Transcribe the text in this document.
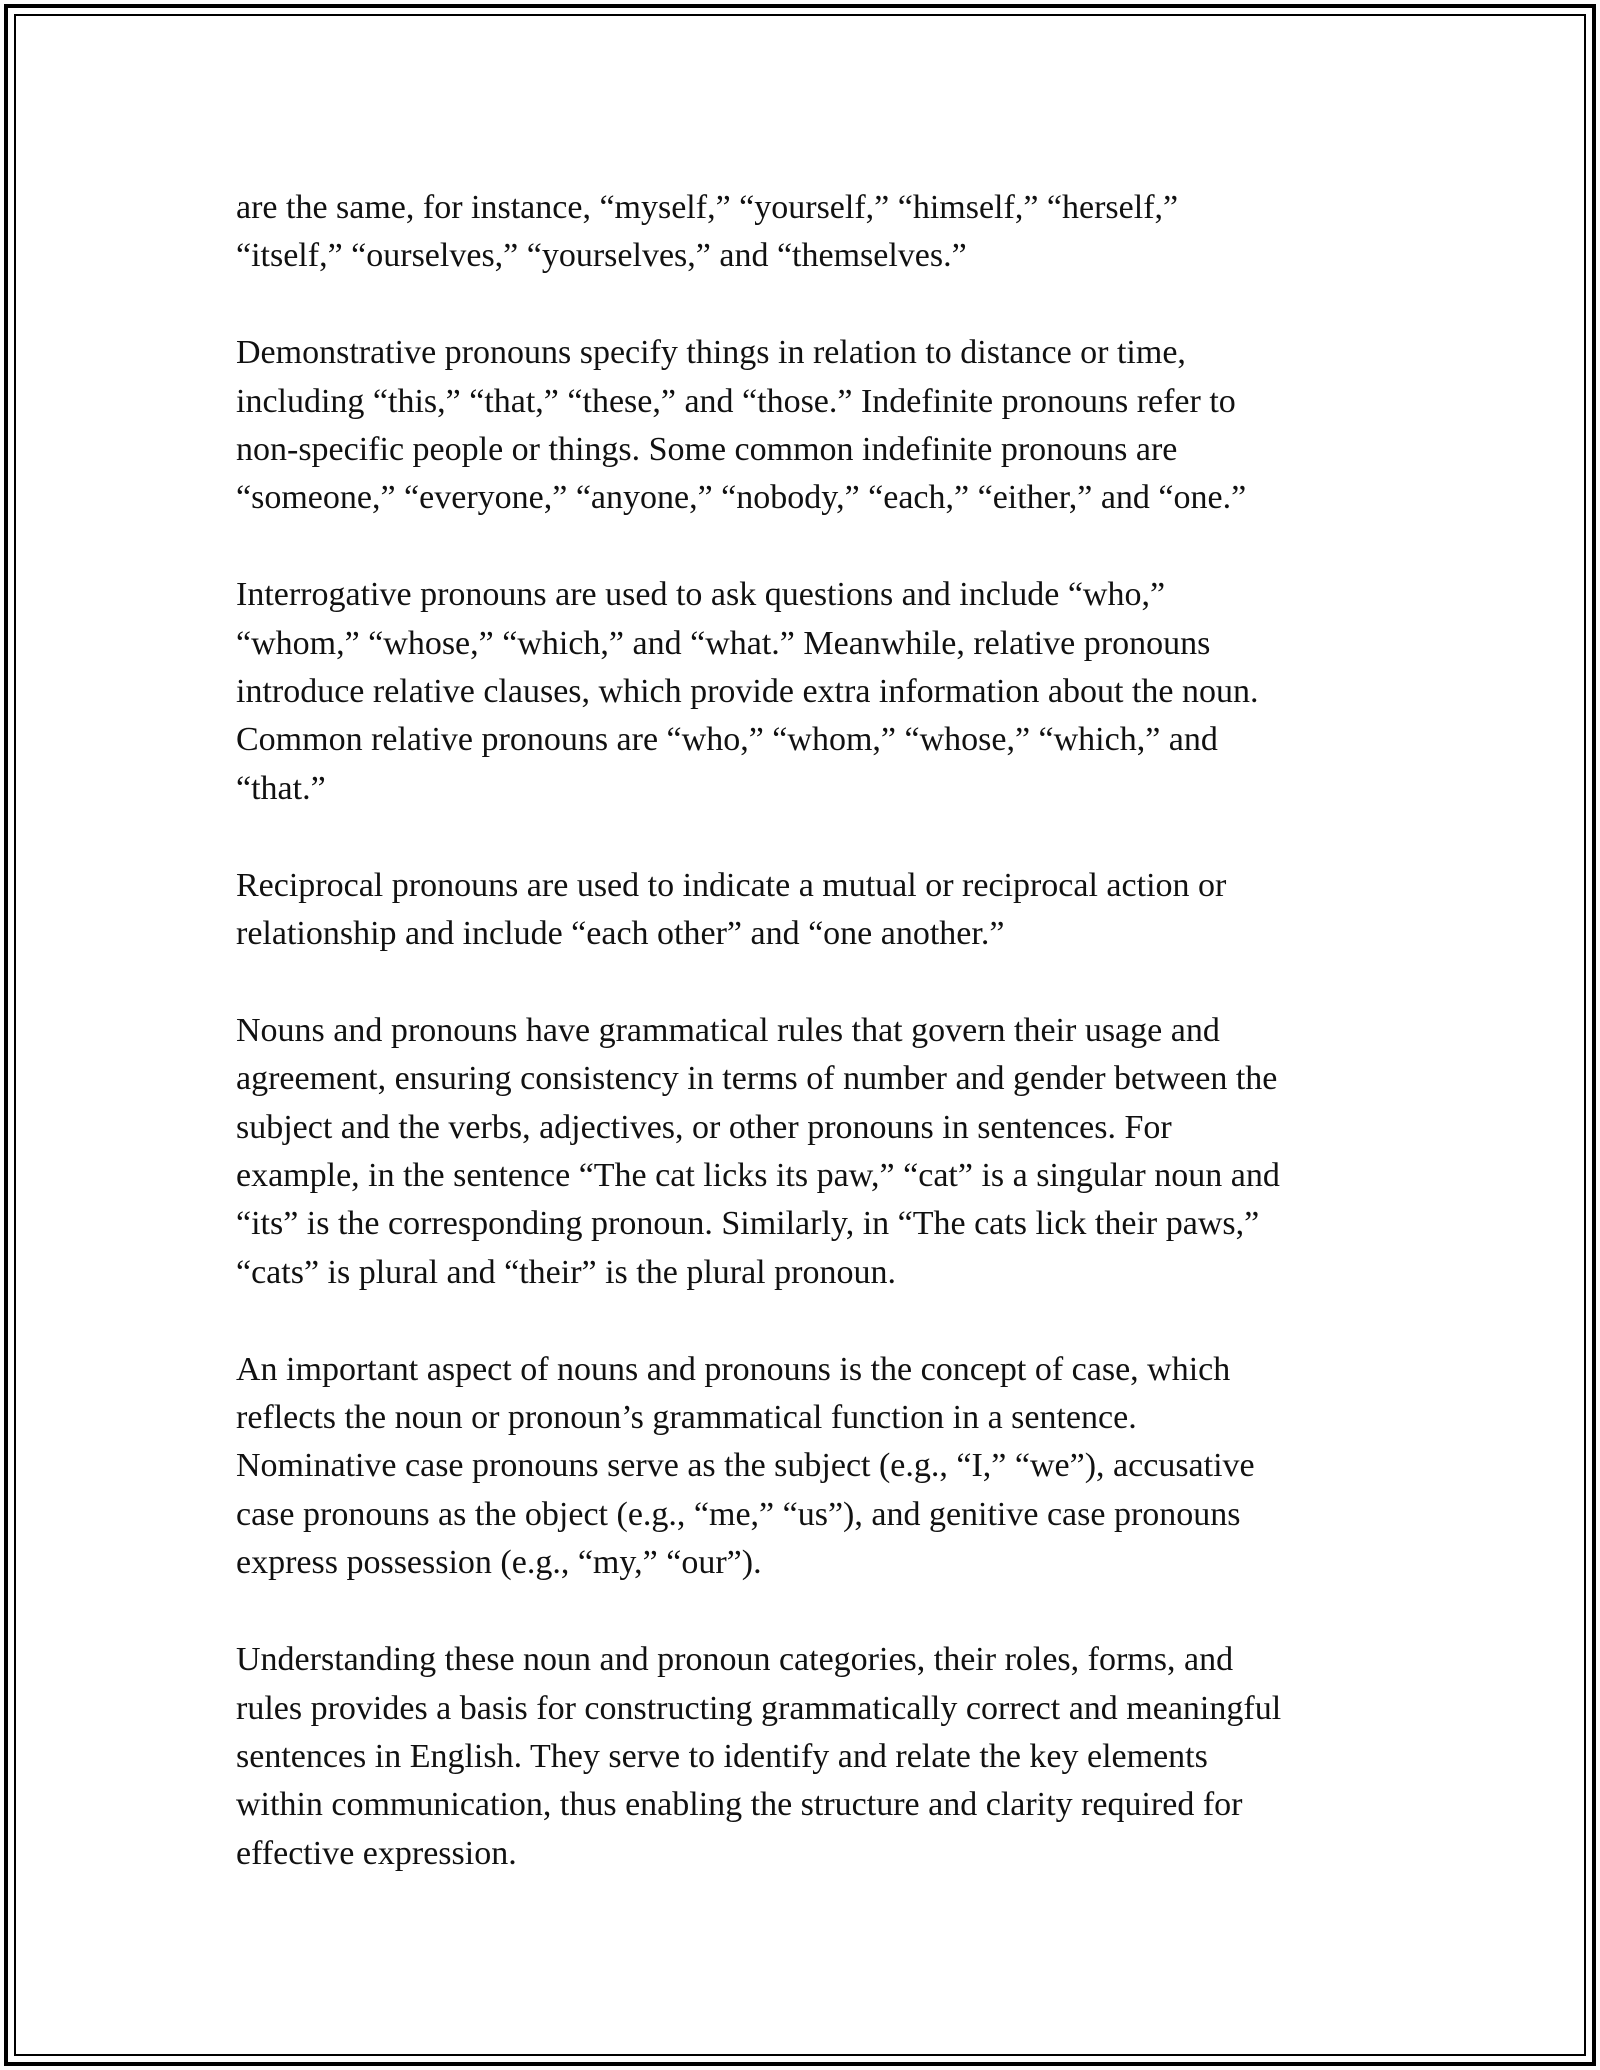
are the same, for instance, “myself,” “yourself,” “himself,” “herself,”
“itself,” “ourselves,” “yourselves,” and “themselves.”

Demonstrative pronouns specify things in relation to distance or time,
including “this,” “that,” “these,” and “those.” Indefinite pronouns refer to
non-specific people or things. Some common indefinite pronouns are
“someone,” “everyone,” “anyone,” “nobody,” “each,” “either,” and “one.”

Interrogative pronouns are used to ask questions and include “who,”
“whom,” “whose,” “which,” and “what.” Meanwhile, relative pronouns
introduce relative clauses, which provide extra information about the noun.
Common relative pronouns are “who,” “whom,” “whose,” “which,” and
“that.”

Reciprocal pronouns are used to indicate a mutual or reciprocal action or
relationship and include “each other” and “one another.”

Nouns and pronouns have grammatical rules that govern their usage and
agreement, ensuring consistency in terms of number and gender between the
subject and the verbs, adjectives, or other pronouns in sentences. For
example, in the sentence “The cat licks its paw,” “cat” is a singular noun and
“its” is the corresponding pronoun. Similarly, in “The cats lick their paws,”
“cats” is plural and “their” is the plural pronoun.

An important aspect of nouns and pronouns is the concept of case, which
reflects the noun or pronoun’s grammatical function in a sentence.
Nominative case pronouns serve as the subject (e.g., “I,” “we”), accusative
case pronouns as the object (e.g., “me,” “us”), and genitive case pronouns
express possession (e.g., “my,” “our”).

Understanding these noun and pronoun categories, their roles, forms, and
rules provides a basis for constructing grammatically correct and meaningful
sentences in English. They serve to identify and relate the key elements
within communication, thus enabling the structure and clarity required for
effective expression.
